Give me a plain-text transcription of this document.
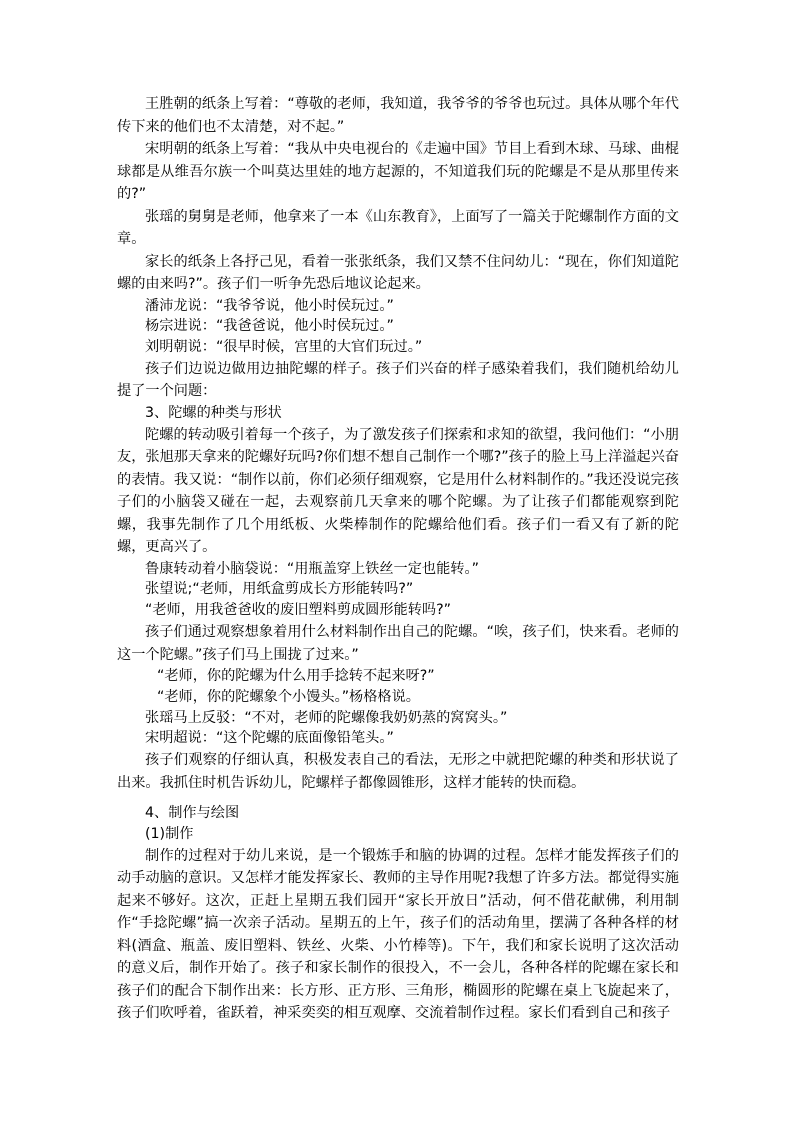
王胜朝的纸条上写着：“尊敬的老师，我知道，我爷爷的爷爷也玩过。具体从哪个年代传下来的他们也不太清楚，对不起。”

宋明朝的纸条上写着：“我从中央电视台的《走遍中国》节目上看到木球、马球、曲棍球都是从维吾尔族一个叫莫达里娃的地方起源的，不知道我们玩的陀螺是不是从那里传来的?”

张瑶的舅舅是老师，他拿来了一本《山东教育》，上面写了一篇关于陀螺制作方面的文章。

家长的纸条上各抒己见，看着一张张纸条，我们又禁不住问幼儿：“现在，你们知道陀螺的由来吗?”。孩子们一听争先恐后地议论起来。

潘沛龙说：“我爷爷说，他小时侯玩过。”

杨宗进说：“我爸爸说，他小时侯玩过。”

刘明朝说：“很早时候，宫里的大官们玩过。”

孩子们边说边做用边抽陀螺的样子。孩子们兴奋的样子感染着我们，我们随机给幼儿提了一个问题：

3、陀螺的种类与形状

陀螺的转动吸引着每一个孩子，为了激发孩子们探索和求知的欲望，我问他们：“小朋友，张旭那天拿来的陀螺好玩吗?你们想不想自己制作一个哪?”孩子的脸上马上洋溢起兴奋的表情。我又说：“制作以前，你们必须仔细观察，它是用什么材料制作的。”我还没说完孩子们的小脑袋又碰在一起，去观察前几天拿来的哪个陀螺。为了让孩子们都能观察到陀螺，我事先制作了几个用纸板、火柴棒制作的陀螺给他们看。孩子们一看又有了新的陀螺，更高兴了。

鲁康转动着小脑袋说：“用瓶盖穿上铁丝一定也能转。”

张望说;“老师，用纸盒剪成长方形能转吗?”

“老师，用我爸爸收的废旧塑料剪成圆形能转吗?”

孩子们通过观察想象着用什么材料制作出自己的陀螺。“唉，孩子们，快来看。老师的这一个陀螺。”孩子们马上围拢了过来。”

“老师，你的陀螺为什么用手捻转不起来呀?”

“老师，你的陀螺象个小馒头。”杨格格说。

张瑶马上反驳：“不对，老师的陀螺像我奶奶蒸的窝窝头。”

宋明超说：“这个陀螺的底面像铅笔头。”

孩子们观察的仔细认真，积极发表自己的看法，无形之中就把陀螺的种类和形状说了出来。我抓住时机告诉幼儿，陀螺样子都像圆锥形，这样才能转的快而稳。

4、制作与绘图

(1)制作

制作的过程对于幼儿来说，是一个锻炼手和脑的协调的过程。怎样才能发挥孩子们的动手动脑的意识。又怎样才能发挥家长、教师的主导作用呢?我想了许多方法。都觉得实施起来不够好。这次，正赶上星期五我们园开“家长开放日”活动，何不借花献佛，利用制作“手捻陀螺”搞一次亲子活动。星期五的上午，孩子们的活动角里，摆满了各种各样的材料(酒盒、瓶盖、废旧塑料、铁丝、火柴、小竹棒等)。下午，我们和家长说明了这次活动的意义后，制作开始了。孩子和家长制作的很投入，不一会儿，各种各样的陀螺在家长和孩子们的配合下制作出来：长方形、正方形、三角形，椭圆形的陀螺在桌上飞旋起来了，孩子们吹呼着，雀跃着，神采奕奕的相互观摩、交流着制作过程。家长们看到自己和孩子
